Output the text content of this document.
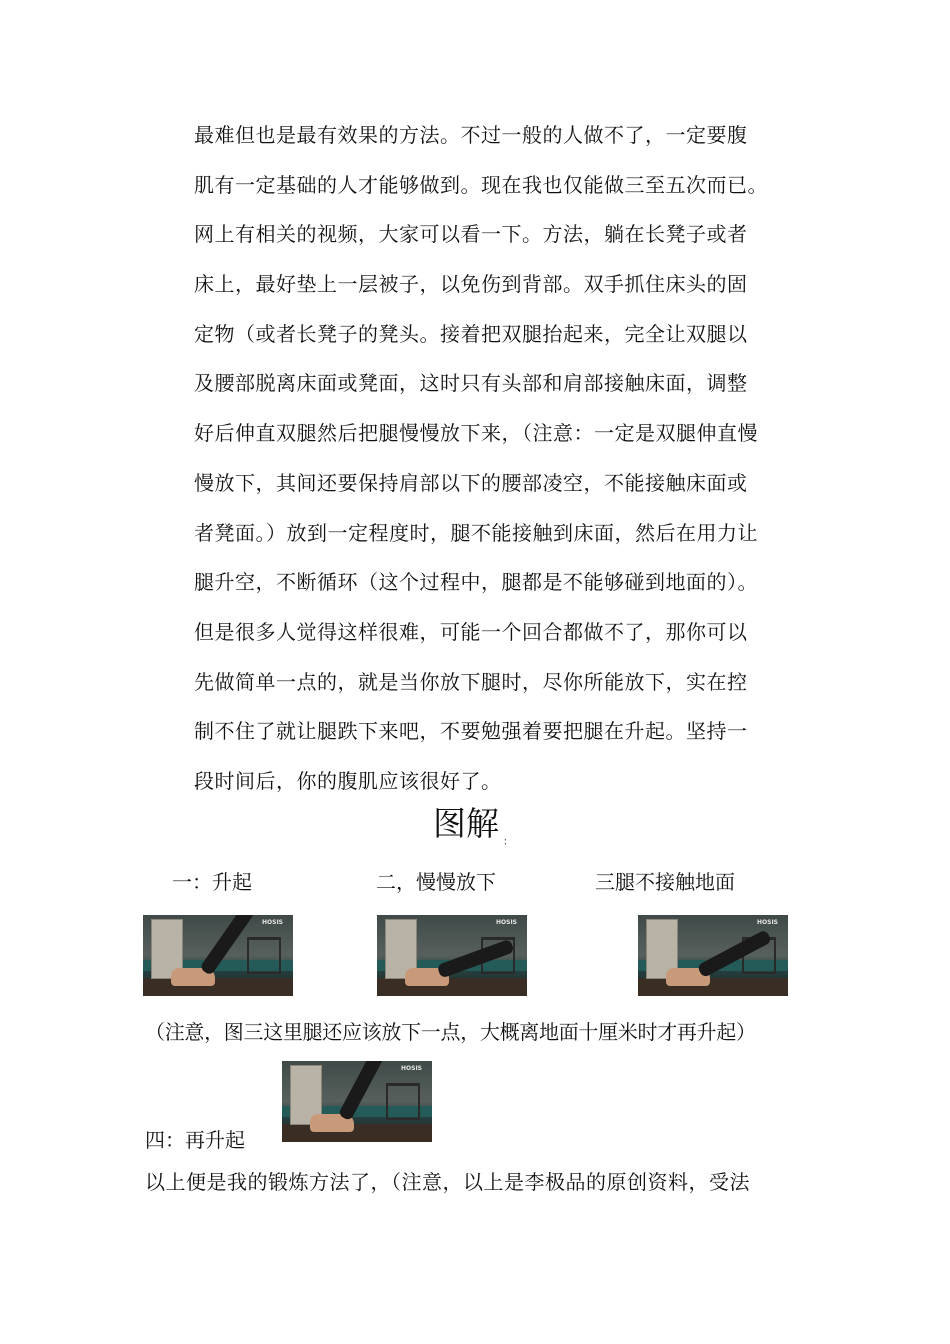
最难但也是最有效果的方法。不过一般的人做不了，一定要腹
肌有一定基础的人才能够做到。现在我也仅能做三至五次而已。
网上有相关的视频，大家可以看一下。方法，躺在长凳子或者
床上，最好垫上一层被子，以免伤到背部。双手抓住床头的固
定物（或者长凳子的凳头。接着把双腿抬起来，完全让双腿以
及腰部脱离床面或凳面，这时只有头部和肩部接触床面，调整
好后伸直双腿然后把腿慢慢放下来，（注意：一定是双腿伸直慢
慢放下，其间还要保持肩部以下的腰部凌空，不能接触床面或
者凳面。）放到一定程度时，腿不能接触到床面，然后在用力让
腿升空，不断循环（这个过程中，腿都是不能够碰到地面的）。
但是很多人觉得这样很难，可能一个回合都做不了，那你可以
先做简单一点的，就是当你放下腿时，尽你所能放下，实在控
制不住了就让腿跌下来吧，不要勉强着要把腿在升起。坚持一
段时间后，你的腹肌应该很好了。
图解 ：
一：升起	二，慢慢放下	三腿不接触地面
HOSIS	HOSIS	HOSIS
（注意，图三这里腿还应该放下一点，大概离地面十厘米时才再升起）
四：再升起
HOSIS
以上便是我的锻炼方法了，（注意，以上是李极品的原创资料，受法
